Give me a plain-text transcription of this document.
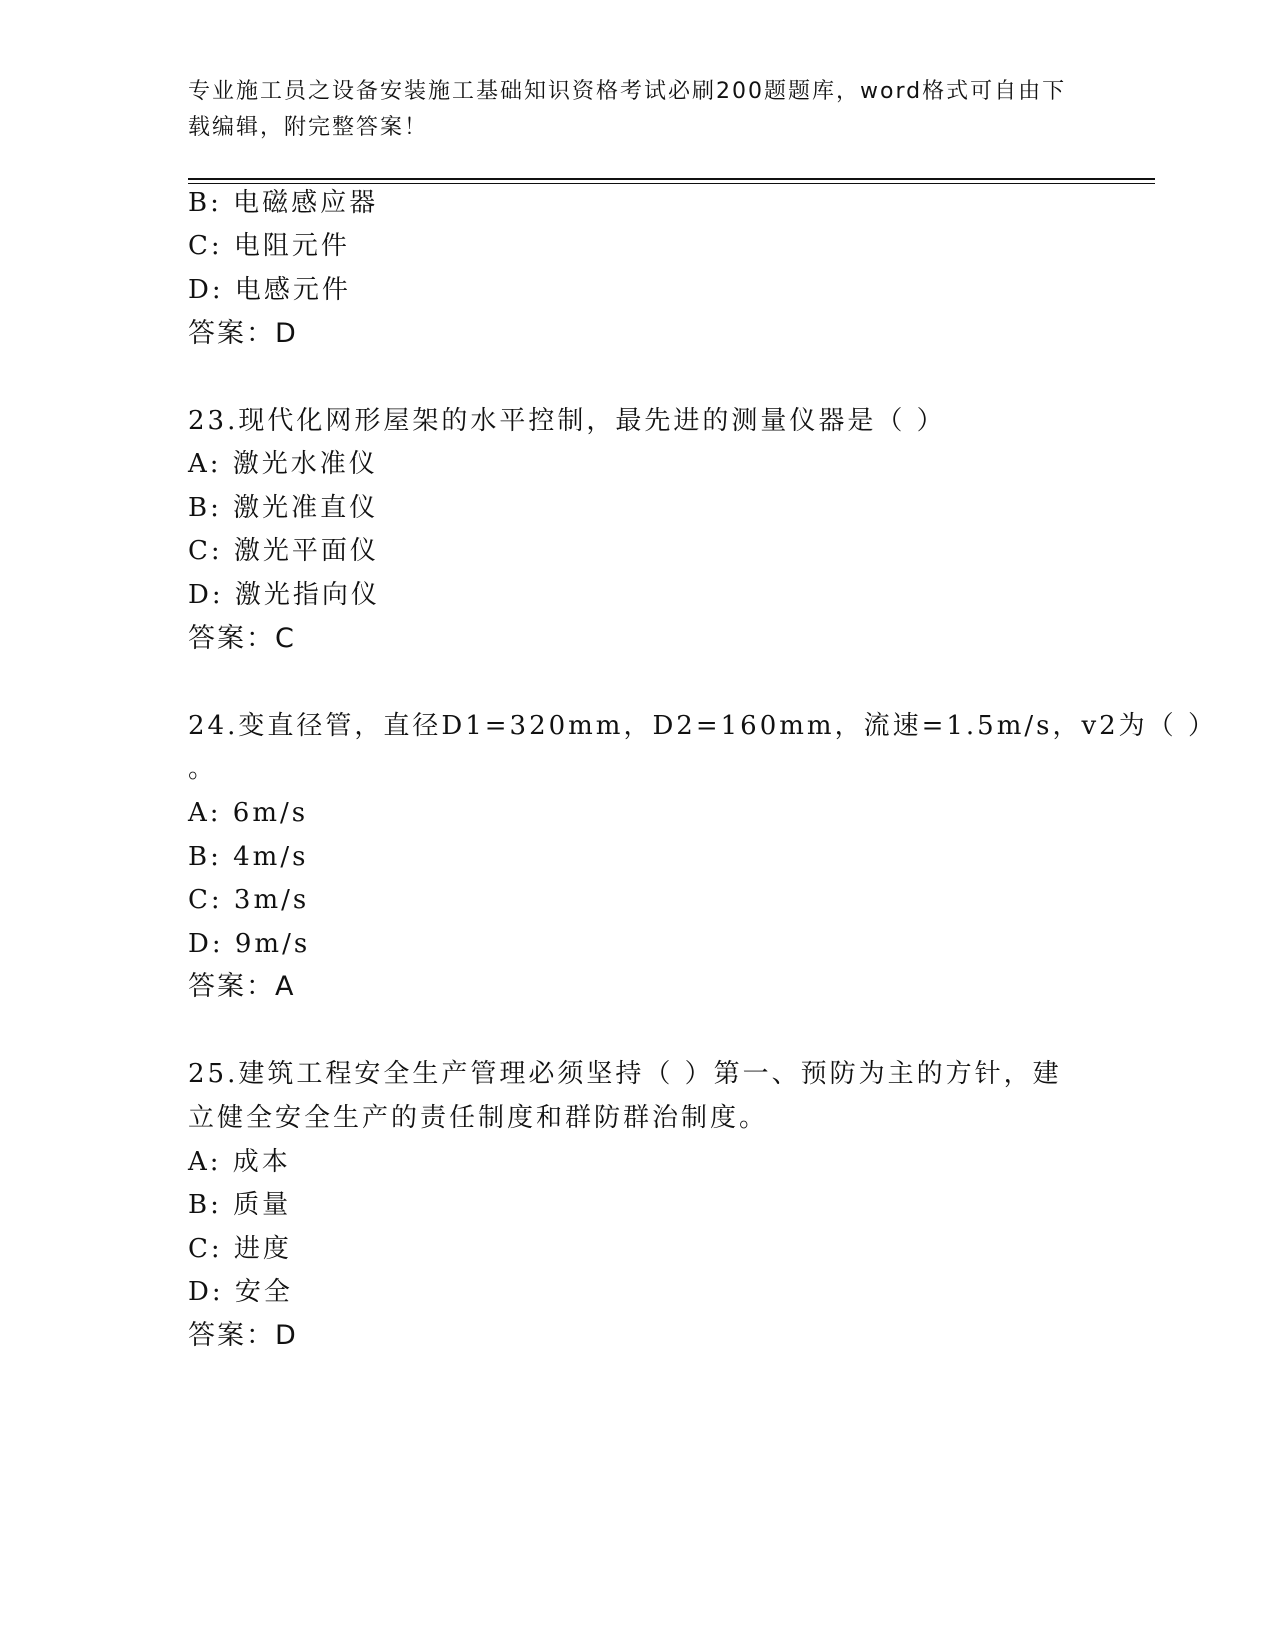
专业施工员之设备安装施工基础知识资格考试必刷200题题库，word格式可自由下载编辑，附完整答案！
B: 电磁感应器
C: 电阻元件
D: 电感元件
答案：D
23.现代化网形屋架的水平控制，最先进的测量仪器是（ ）
A: 激光水准仪
B: 激光准直仪
C: 激光平面仪
D: 激光指向仪
答案：C
24.变直径管，直径D1=320mm，D2=160mm，流速=1.5m/s，v2为（ ）
。
A: 6m/s
B: 4m/s
C: 3m/s
D: 9m/s
答案：A
25.建筑工程安全生产管理必须坚持（ ）第一、预防为主的方针，建
立健全安全生产的责任制度和群防群治制度。
A: 成本
B: 质量
C: 进度
D: 安全
答案：D
